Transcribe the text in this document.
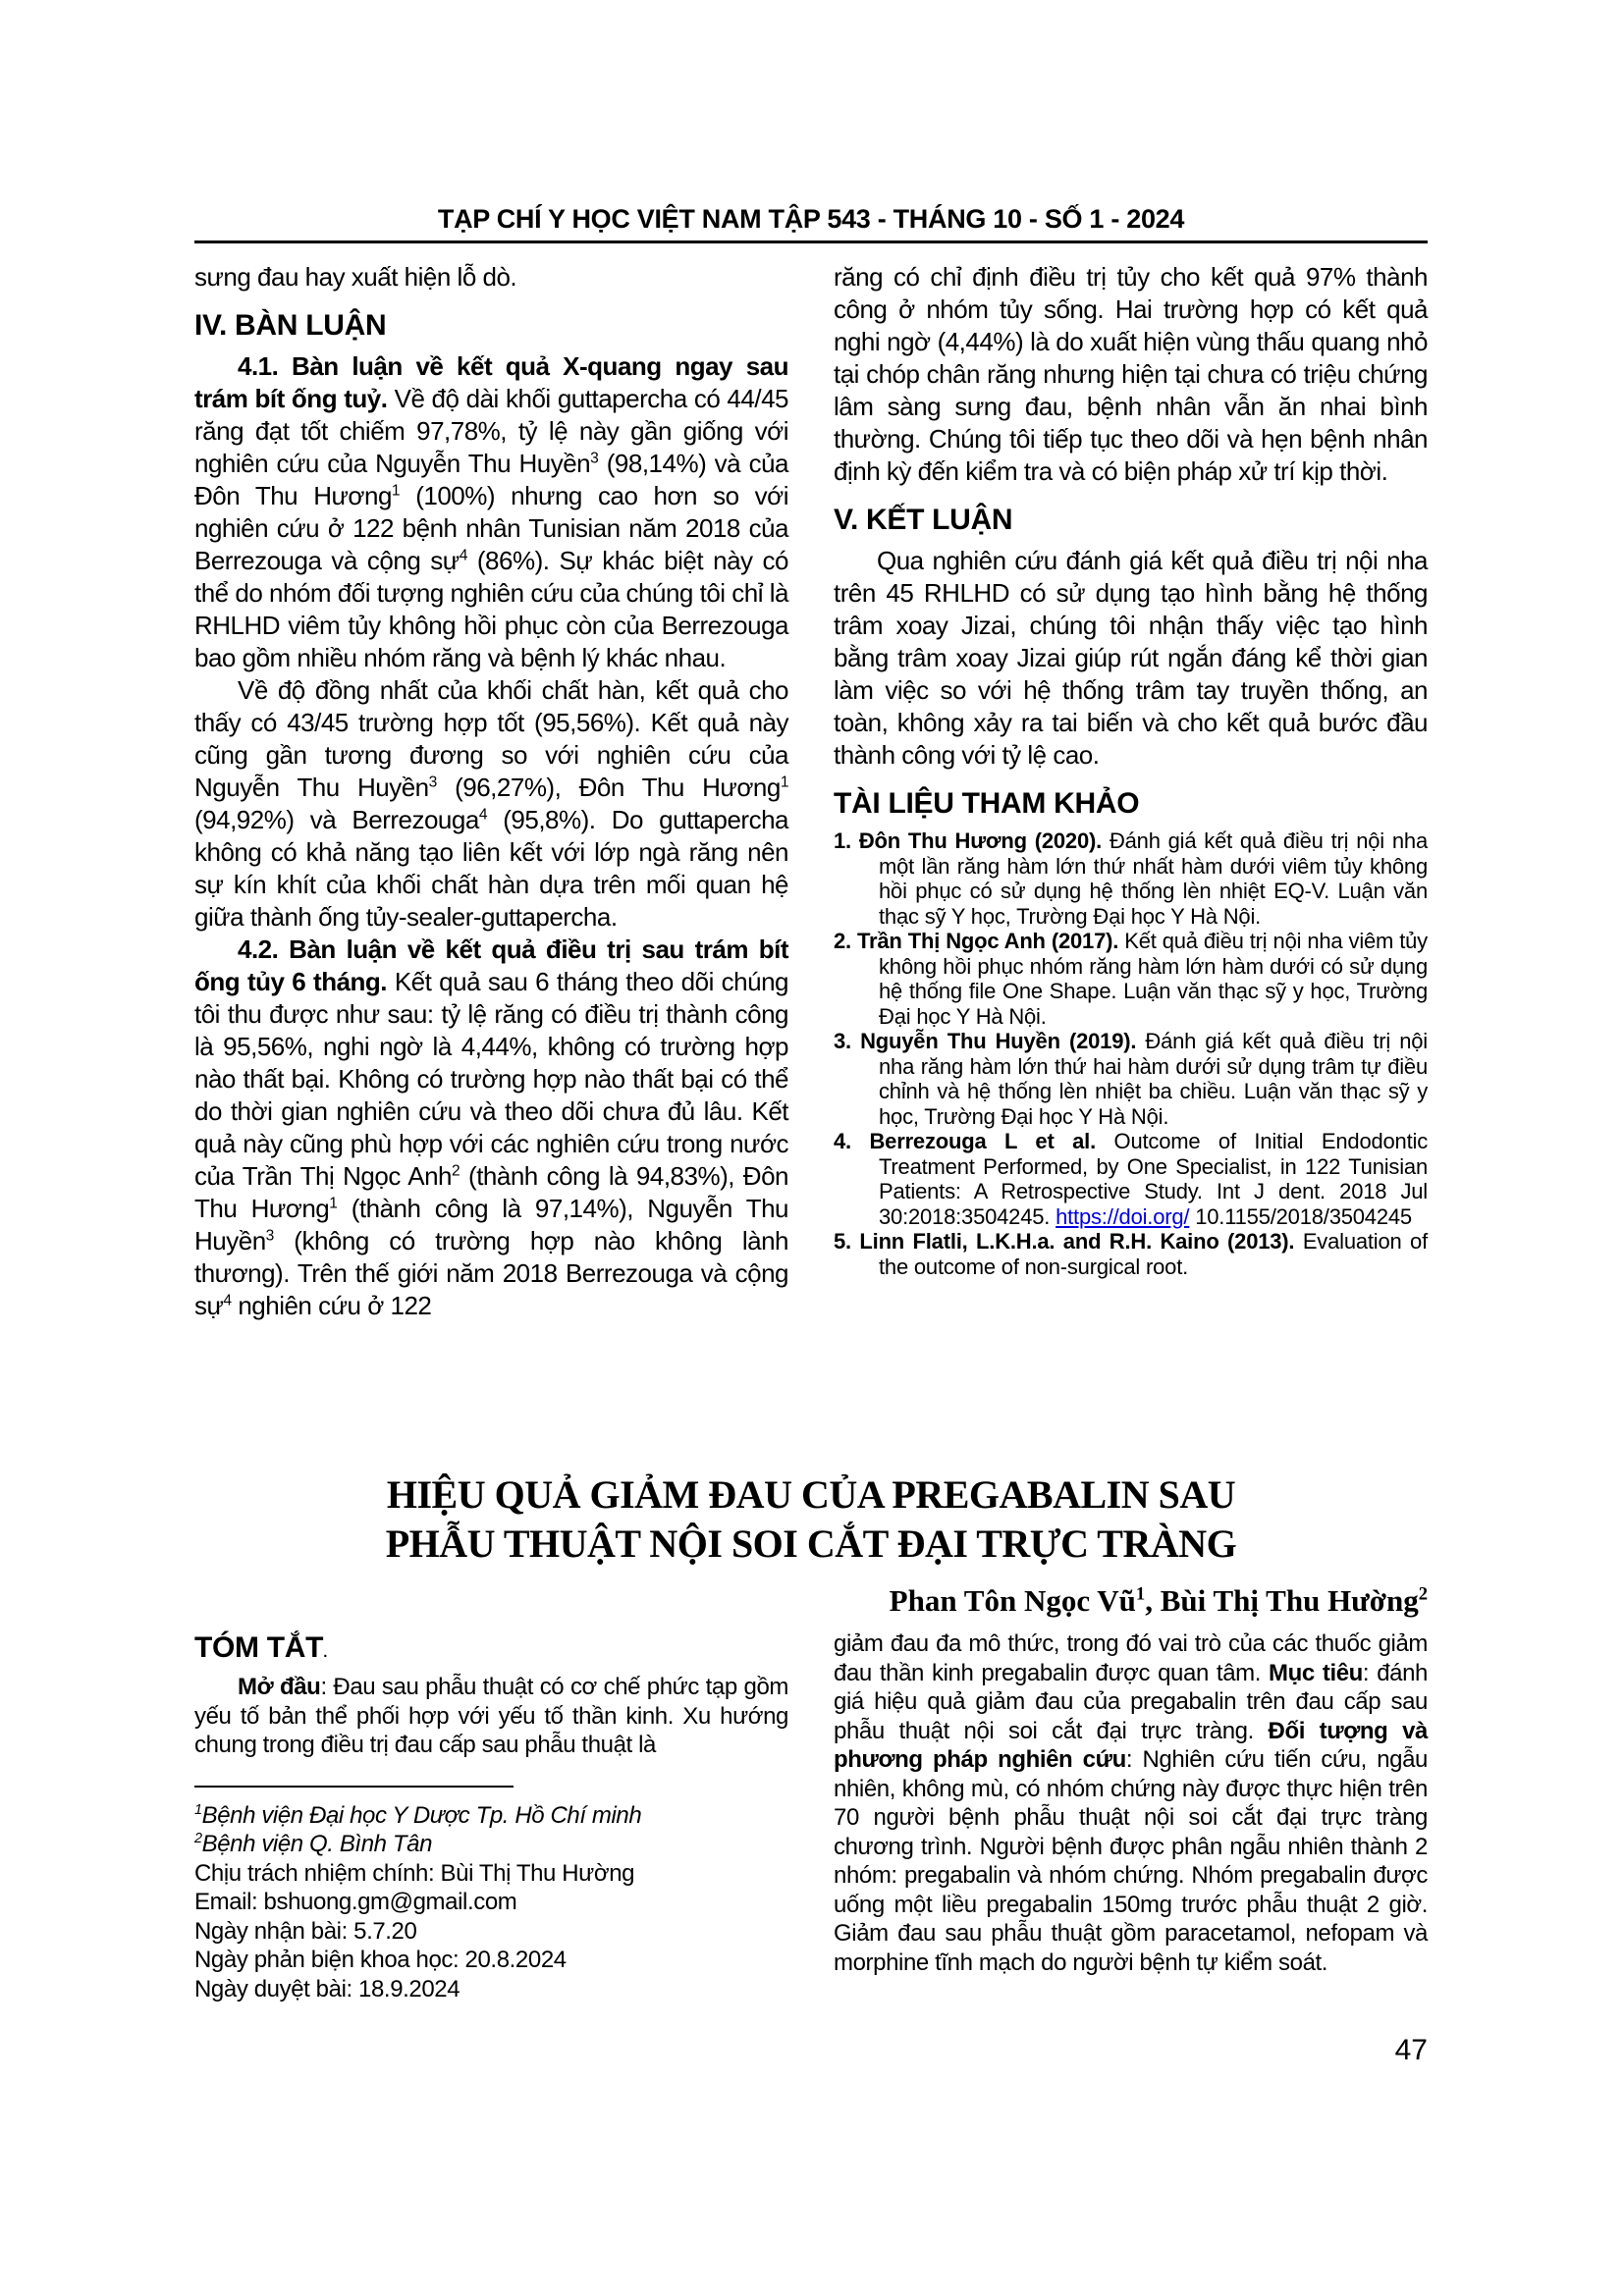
TẠP CHÍ Y HỌC VIỆT NAM TẬP 543 - THÁNG 10 - SỐ 1 - 2024
sưng đau hay xuất hiện lỗ dò.
IV. BÀN LUẬN
4.1. Bàn luận về kết quả X-quang ngay sau trám bít ống tuỷ. Về độ dài khối guttapercha có 44/45 răng đạt tốt chiếm 97,78%, tỷ lệ này gần giống với nghiên cứu của Nguyễn Thu Huyền$^3$ (98,14%) và của Đôn Thu Hương$^1$ (100%) nhưng cao hơn so với nghiên cứu ở 122 bệnh nhân Tunisian năm 2018 của Berrezouga và cộng sự$^4$ (86%). Sự khác biệt này có thể do nhóm đối tượng nghiên cứu của chúng tôi chỉ là RHLHD viêm tủy không hồi phục còn của Berrezouga bao gồm nhiều nhóm răng và bệnh lý khác nhau.
Về độ đồng nhất của khối chất hàn, kết quả cho thấy có 43/45 trường hợp tốt (95,56%). Kết quả này cũng gần tương đương so với nghiên cứu của Nguyễn Thu Huyền$^3$ (96,27%), Đôn Thu Hương$^1$ (94,92%) và Berrezouga$^4$ (95,8%). Do guttapercha không có khả năng tạo liên kết với lớp ngà răng nên sự kín khít của khối chất hàn dựa trên mối quan hệ giữa thành ống tủy-sealer-guttapercha.
4.2. Bàn luận về kết quả điều trị sau trám bít ống tủy 6 tháng. Kết quả sau 6 tháng theo dõi chúng tôi thu được như sau: tỷ lệ răng có điều trị thành công là 95,56%, nghi ngờ là 4,44%, không có trường hợp nào thất bại. Không có trường hợp nào thất bại có thể do thời gian nghiên cứu và theo dõi chưa đủ lâu. Kết quả này cũng phù hợp với các nghiên cứu trong nước của Trần Thị Ngọc Anh$^2$ (thành công là 94,83%), Đôn Thu Hương$^1$ (thành công là 97,14%), Nguyễn Thu Huyền$^3$ (không có trường hợp nào không lành thương). Trên thế giới năm 2018 Berrezouga và cộng sự$^4$ nghiên cứu ở 122
răng có chỉ định điều trị tủy cho kết quả 97% thành công ở nhóm tủy sống. Hai trường hợp có kết quả nghi ngờ (4,44%) là do xuất hiện vùng thấu quang nhỏ tại chóp chân răng nhưng hiện tại chưa có triệu chứng lâm sàng sưng đau, bệnh nhân vẫn ăn nhai bình thường. Chúng tôi tiếp tục theo dõi và hẹn bệnh nhân định kỳ đến kiểm tra và có biện pháp xử trí kịp thời.
V. KẾT LUẬN
Qua nghiên cứu đánh giá kết quả điều trị nội nha trên 45 RHLHD có sử dụng tạo hình bằng hệ thống trâm xoay Jizai, chúng tôi nhận thấy việc tạo hình bằng trâm xoay Jizai giúp rút ngắn đáng kể thời gian làm việc so với hệ thống trâm tay truyền thống, an toàn, không xảy ra tai biến và cho kết quả bước đầu thành công với tỷ lệ cao.
TÀI LIỆU THAM KHẢO
1. Đôn Thu Hương (2020). Đánh giá kết quả điều trị nội nha một lần răng hàm lớn thứ nhất hàm dưới viêm tủy không hồi phục có sử dụng hệ thống lèn nhiệt EQ-V. Luận văn thạc sỹ Y học, Trường Đại học Y Hà Nội.
2. Trần Thị Ngọc Anh (2017). Kết quả điều trị nội nha viêm tủy không hồi phục nhóm răng hàm lớn hàm dưới có sử dụng hệ thống file One Shape. Luận văn thạc sỹ y học, Trường Đại học Y Hà Nội.
3. Nguyễn Thu Huyền (2019). Đánh giá kết quả điều trị nội nha răng hàm lớn thứ hai hàm dưới sử dụng trâm tự điều chỉnh và hệ thống lèn nhiệt ba chiều. Luận văn thạc sỹ y học, Trường Đại học Y Hà Nội.
4. Berrezouga L et al. Outcome of Initial Endodontic Treatment Performed, by One Specialist, in 122 Tunisian Patients: A Retrospective Study. Int J dent. 2018 Jul 30:2018:3504245. https://doi.org/ 10.1155/2018/3504245
5. Linn Flatli, L.K.H.a. and R.H. Kaino (2013). Evaluation of the outcome of non-surgical root.
HIỆU QUẢ GIẢM ĐAU CỦA PREGABALIN SAU
PHẪU THUẬT NỘI SOI CẮT ĐẠI TRỰC TRÀNG
Phan Tôn Ngọc $Vũ^1$, Bùi Thị Thu Hường$^2$
TÓM TẮT.
Mở đầu: Đau sau phẫu thuật có cơ chế phức tạp gồm yếu tố bản thể phối hợp với yếu tố thần kinh. Xu hướng chung trong điều trị đau cấp sau phẫu thuật là
$^1$Bệnh viện Đại học Y Dược Tp. Hồ Chí minh
$^2$Bệnh viện Q. Bình Tân
Chịu trách nhiệm chính: Bùi Thị Thu Hường
Email: bshuong.gm@gmail.com
Ngày nhận bài: 5.7.20
Ngày phản biện khoa học: 20.8.2024
Ngày duyệt bài: 18.9.2024
giảm đau đa mô thức, trong đó vai trò của các thuốc giảm đau thần kinh pregabalin được quan tâm. Mục tiêu: đánh giá hiệu quả giảm đau của pregabalin trên đau cấp sau phẫu thuật nội soi cắt đại trực tràng. Đối tượng và phương pháp nghiên cứu: Nghiên cứu tiến cứu, ngẫu nhiên, không mù, có nhóm chứng này được thực hiện trên 70 người bệnh phẫu thuật nội soi cắt đại trực tràng chương trình. Người bệnh được phân ngẫu nhiên thành 2 nhóm: pregabalin và nhóm chứng. Nhóm pregabalin được uống một liều pregabalin 150mg trước phẫu thuật 2 giờ. Giảm đau sau phẫu thuật gồm paracetamol, nefopam và morphine tĩnh mạch do người bệnh tự kiểm soát.
47
